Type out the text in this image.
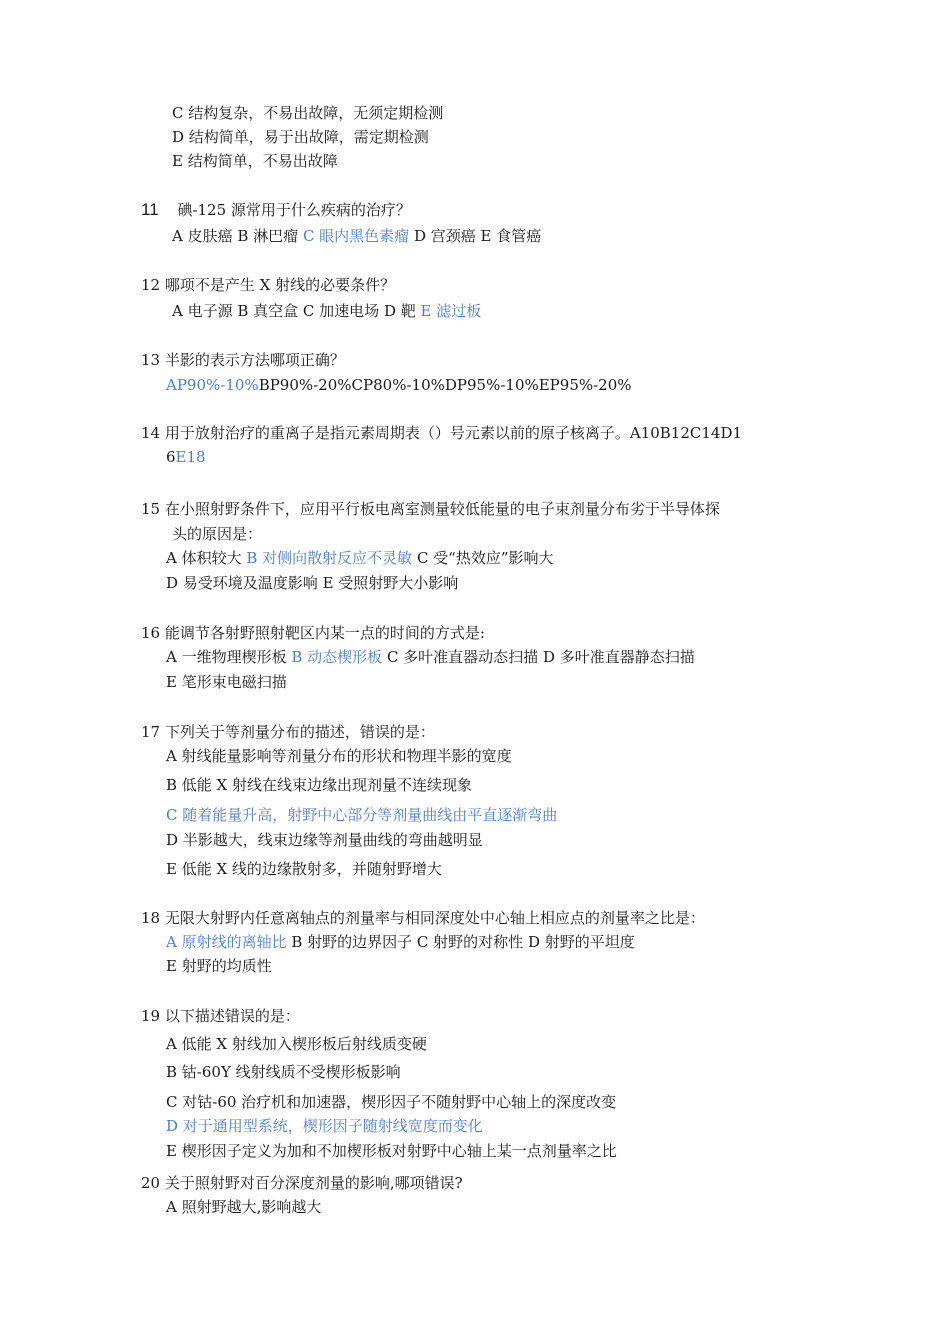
C 结构复杂，不易出故障，无须定期检测
D 结构简单，易于出故障，需定期检测
E 结构简单，不易出故障
11 碘-125 源常用于什么疾病的治疗？
A 皮肤癌 B 淋巴瘤 C 眼内黑色素瘤 D 宫颈癌 E 食管癌
12 哪项不是产生 X 射线的必要条件？
A 电子源 B 真空盒 C 加速电场 D 靶 E 滤过板
13 半影的表示方法哪项正确？
AP90%-10%BP90%-20%CP80%-10%DP95%-10%EP95%-20%
14 用于放射治疗的重离子是指元素周期表（）号元素以前的原子核离子。A10B12C14D1
6E18
15 在小照射野条件下，应用平行板电离室测量较低能量的电子束剂量分布劣于半导体探
头的原因是：
A 体积较大 B 对侧向散射反应不灵敏 C 受“热效应”影响大
D 易受环境及温度影响 E 受照射野大小影响
16 能调节各射野照射靶区内某一点的时间的方式是:
A 一维物理楔形板 B 动态楔形板 C 多叶准直器动态扫描 D 多叶准直器静态扫描
E 笔形束电磁扫描
17 下列关于等剂量分布的描述，错误的是：
A 射线能量影响等剂量分布的形状和物理半影的宽度
B 低能 X 射线在线束边缘出现剂量不连续现象
C 随着能量升高，射野中心部分等剂量曲线由平直逐渐弯曲
D 半影越大，线束边缘等剂量曲线的弯曲越明显
E 低能 X 线的边缘散射多，并随射野增大
18 无限大射野内任意离轴点的剂量率与相同深度处中心轴上相应点的剂量率之比是：
A 原射线的离轴比 B 射野的边界因子 C 射野的对称性 D 射野的平坦度
E 射野的均质性
19 以下描述错误的是：
A 低能 X 射线加入楔形板后射线质变硬
B 钴-60Y 线射线质不受楔形板影响
C 对钴-60 治疗机和加速器，楔形因子不随射野中心轴上的深度改变
D 对于通用型系统，楔形因子随射线宽度而变化
E 楔形因子定义为加和不加楔形板对射野中心轴上某一点剂量率之比
20 关于照射野对百分深度剂量的影响,哪项错误?
A 照射野越大,影响越大
